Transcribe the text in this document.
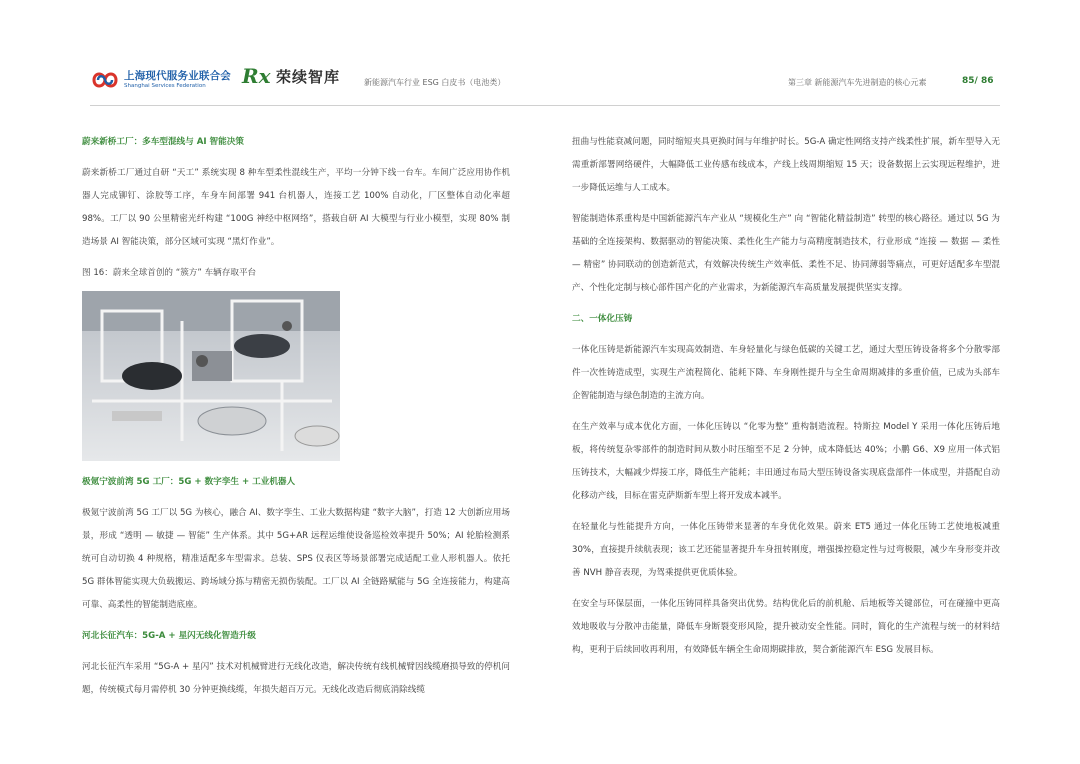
上海现代服务业联合会
Shanghai Services Federation Rx 荣续智库	新能源汽车行业 ESG 白皮书（电池类）	第三章 新能源汽车先进制造的核心元素	85/ 86

蔚来新桥工厂：多车型混线与 AI 智能决策

蔚来新桥工厂通过自研 “天工” 系统实现 8 种车型柔性混线生产，平均一分钟下线一台车。车间广泛应用协作机器人完成铆钉、涂胶等工序，车身车间部署 941 台机器人，连接工艺 100% 自动化，厂区整体自动化率超 98%。工厂以 90 公里精密光纤构建 “100G 神经中枢网络”，搭载自研 AI 大模型与行业小模型，实现 80% 制造场景 AI 智能决策，部分区域可实现 “黑灯作业”。

图 16：蔚来全球首创的 “簇方” 车辆存取平台

极氪宁波前湾 5G 工厂：5G + 数字孪生 + 工业机器人

极氪宁波前湾 5G 工厂以 5G 为核心，融合 AI、数字孪生、工业大数据构建 “数字大脑”，打造 12 大创新应用场景，形成 “透明 — 敏捷 — 智能” 生产体系。其中 5G+AR 远程运维使设备巡检效率提升 50%；AI 轮胎检测系统可自动切换 4 种规格，精准适配多车型需求。总装、SPS 仪表区等场景部署完成适配工业人形机器人。依托 5G 群体智能实现大负载搬运、跨场域分拣与精密无损伤装配。工厂以 AI 全链路赋能与 5G 全连接能力，构建高可靠、高柔性的智能制造底座。

河北长征汽车：5G-A + 星闪无线化智造升级

河北长征汽车采用 “5G-A + 星闪” 技术对机械臂进行无线化改造，解决传统有线机械臂因线缆磨损导致的停机问题，传统模式每月需停机 30 分钟更换线缆，年损失超百万元。无线化改造后彻底消除线缆

扭曲与性能衰减问题，同时缩短夹具更换时间与年维护时长。5G-A 确定性网络支持产线柔性扩展，新车型导入无需重新部署网络硬件，大幅降低工业传感布线成本，产线上线周期缩短 15 天；设备数据上云实现远程维护，进一步降低运维与人工成本。

智能制造体系重构是中国新能源汽车产业从 “规模化生产” 向 “智能化精益制造” 转型的核心路径。通过以 5G 为基础的全连接架构、数据驱动的智能决策、柔性化生产能力与高精度制造技术，行业形成 “连接 — 数据 — 柔性 — 精密” 协同联动的创造新范式，有效解决传统生产效率低、柔性不足、协同薄弱等痛点，可更好适配多车型混产、个性化定制与核心部件国产化的产业需求，为新能源汽车高质量发展提供坚实支撑。

二、一体化压铸

一体化压铸是新能源汽车实现高效制造、车身轻量化与绿色低碳的关键工艺，通过大型压铸设备将多个分散零部件一次性铸造成型，实现生产流程简化、能耗下降、车身刚性提升与全生命周期减排的多重价值，已成为头部车企智能制造与绿色制造的主流方向。

在生产效率与成本优化方面，一体化压铸以 “化零为整” 重构制造流程。特斯拉 Model Y 采用一体化压铸后地板，将传统复杂零部件的制造时间从数小时压缩至不足 2 分钟，成本降低达 40%；小鹏 G6、X9 应用一体式铝压铸技术，大幅减少焊接工序，降低生产能耗；丰田通过布局大型压铸设备实现底盘部件一体成型，并搭配自动化移动产线，目标在雷克萨斯新车型上将开发成本减半。

在轻量化与性能提升方向，一体化压铸带来显著的车身优化效果。蔚来 ET5 通过一体化压铸工艺使地板减重 30%，直接提升续航表现；该工艺还能显著提升车身扭转刚度，增强操控稳定性与过弯极限，减少车身形变并改善 NVH 静音表现，为驾乘提供更优质体验。

在安全与环保层面，一体化压铸同样具备突出优势。结构优化后的前机舱、后地板等关键部位，可在碰撞中更高效地吸收与分散冲击能量，降低车身断裂变形风险，提升被动安全性能。同时，简化的生产流程与统一的材料结构，更利于后续回收再利用，有效降低车辆全生命周期碳排放，契合新能源汽车 ESG 发展目标。
